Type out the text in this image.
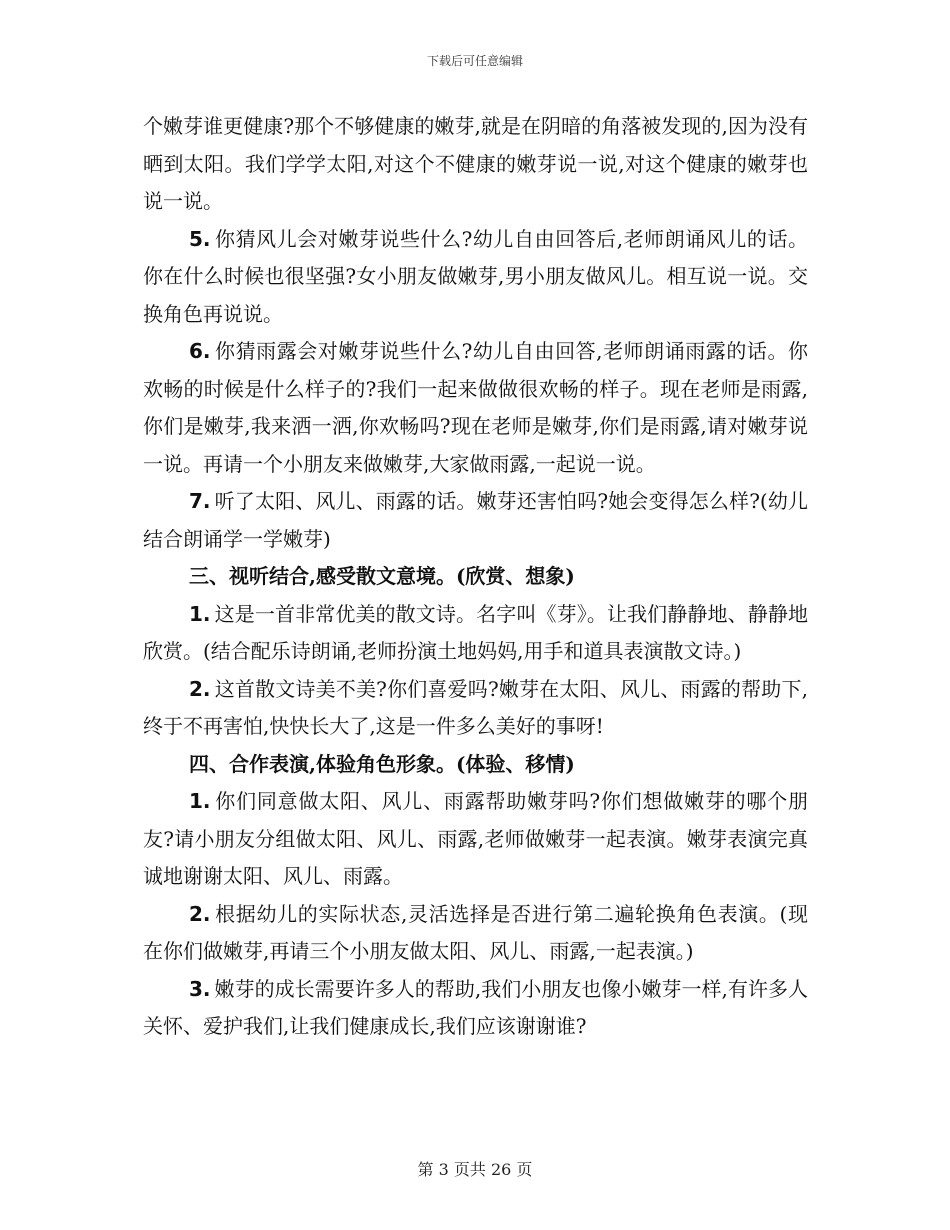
下载后可任意编辑

个嫩芽谁更健康?那个不够健康的嫩芽,就是在阴暗的角落被发现的,因为没有晒到太阳。我们学学太阳,对这个不健康的嫩芽说一说,对这个健康的嫩芽也说一说。

5. 你猜风儿会对嫩芽说些什么?幼儿自由回答后,老师朗诵风儿的话。你在什么时候也很坚强?女小朋友做嫩芽,男小朋友做风儿。相互说一说。交换角色再说说。

6. 你猜雨露会对嫩芽说些什么?幼儿自由回答,老师朗诵雨露的话。你欢畅的时候是什么样子的?我们一起来做做很欢畅的样子。现在老师是雨露,你们是嫩芽,我来洒一洒,你欢畅吗?现在老师是嫩芽,你们是雨露,请对嫩芽说一说。再请一个小朋友来做嫩芽,大家做雨露,一起说一说。

7. 听了太阳、风儿、雨露的话。嫩芽还害怕吗?她会变得怎么样?(幼儿结合朗诵学一学嫩芽)

三、视听结合,感受散文意境。(欣赏、想象)

1. 这是一首非常优美的散文诗。名字叫《芽》。让我们静静地、静静地欣赏。(结合配乐诗朗诵,老师扮演土地妈妈,用手和道具表演散文诗。)

2. 这首散文诗美不美?你们喜爱吗?嫩芽在太阳、风儿、雨露的帮助下,终于不再害怕,快快长大了,这是一件多么美好的事呀!

四、合作表演,体验角色形象。(体验、移情)

1. 你们同意做太阳、风儿、雨露帮助嫩芽吗?你们想做嫩芽的哪个朋友?请小朋友分组做太阳、风儿、雨露,老师做嫩芽一起表演。嫩芽表演完真诚地谢谢太阳、风儿、雨露。

2. 根据幼儿的实际状态,灵活选择是否进行第二遍轮换角色表演。(现在你们做嫩芽,再请三个小朋友做太阳、风儿、雨露,一起表演。)

3. 嫩芽的成长需要许多人的帮助,我们小朋友也像小嫩芽一样,有许多人关怀、爱护我们,让我们健康成长,我们应该谢谢谁?

第 3 页共 26 页
